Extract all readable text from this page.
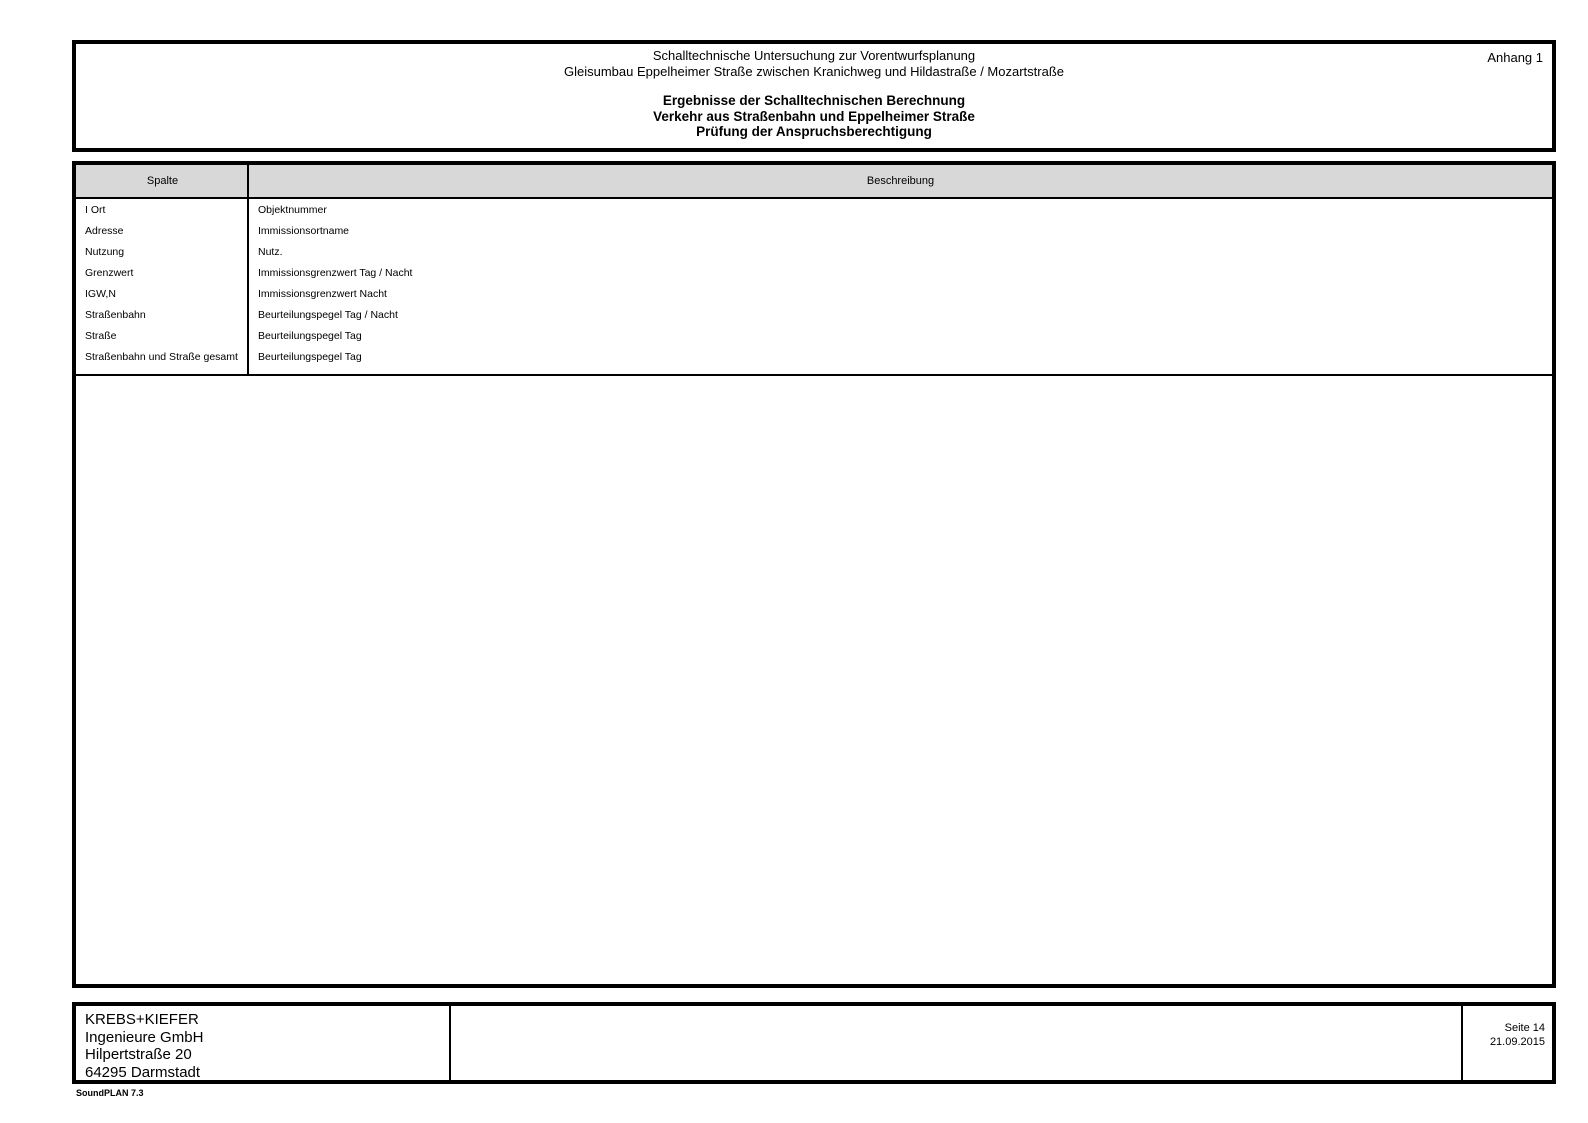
Anhang 1
Schalltechnische Untersuchung zur Vorentwurfsplanung
Gleisumbau Eppelheimer Straße zwischen Kranichweg und Hildastraße / Mozartstraße
Ergebnisse der Schalltechnischen Berechnung
Verkehr aus Straßenbahn und Eppelheimer Straße
Prüfung der Anspruchsberechtigung
Spalte	Beschreibung
I Ort	Objektnummer
Adresse	Immissionsortname
Nutzung	Nutz.
Grenzwert	Immissionsgrenzwert Tag / Nacht
IGW,N	Immissionsgrenzwert Nacht
Straßenbahn	Beurteilungspegel Tag / Nacht
Straße	Beurteilungspegel Tag
Straßenbahn und Straße gesamt	Beurteilungspegel Tag
KREBS+KIEFER
Ingenieure GmbH
Hilpertstraße 20
64295 Darmstadt
Seite 14
21.09.2015
SoundPLAN 7.3
